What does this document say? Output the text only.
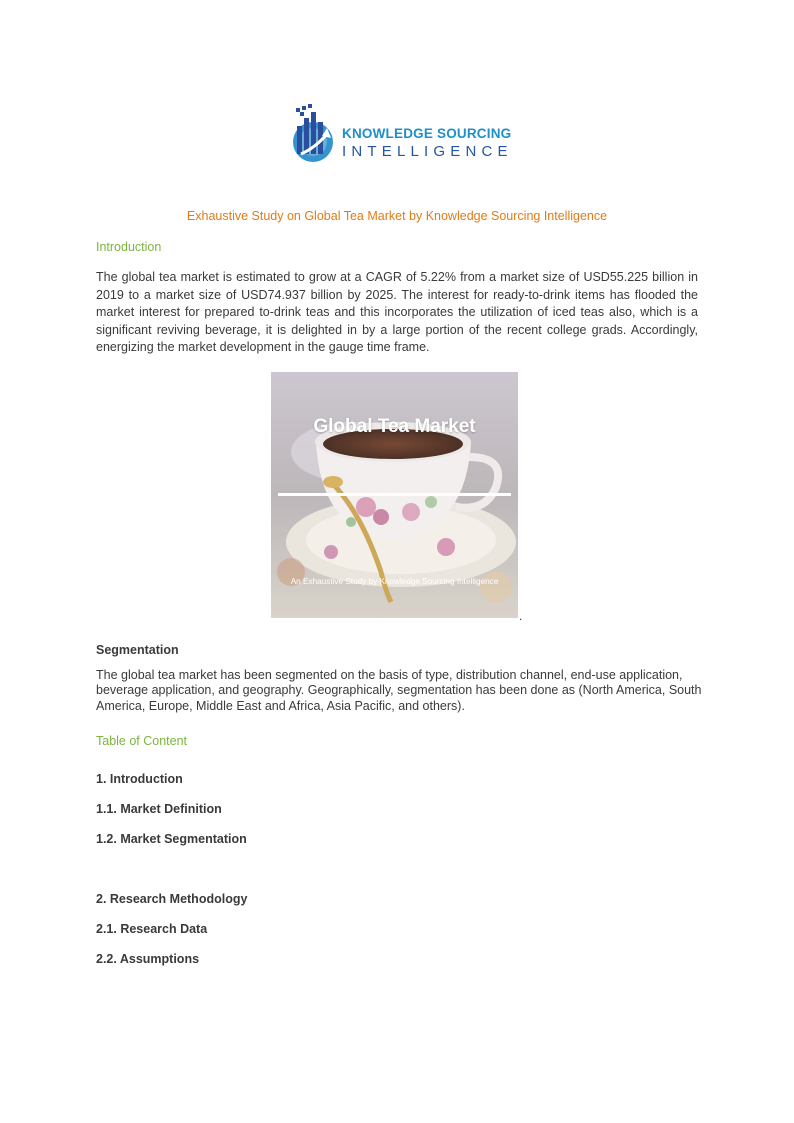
KNOWLEDGE SOURCING
INTELLIGENCE
Exhaustive Study on Global Tea Market by Knowledge Sourcing Intelligence
Introduction

The global tea market is estimated to grow at a CAGR of 5.22% from a market size of USD55.225 billion in 2019 to a market size of USD74.937 billion by 2025. The interest for ready-to-drink items has flooded the market interest for prepared to-drink teas and this incorporates the utilization of iced teas also, which is a significant reviving beverage, it is delighted in by a large portion of the recent college grads. Accordingly, energizing the market development in the gauge time frame.

Global Tea Market
An Exhaustive Study by Knowledge Sourcing Intelligence
.
Segmentation

The global tea market has been segmented on the basis of type, distribution channel, end-use application, beverage application, and geography. Geographically, segmentation has been done as (North America, South America, Europe, Middle East and Africa, Asia Pacific, and others).

Table of Content
1. Introduction
1.1. Market Definition
1.2. Market Segmentation
2. Research Methodology
2.1. Research Data
2.2. Assumptions
